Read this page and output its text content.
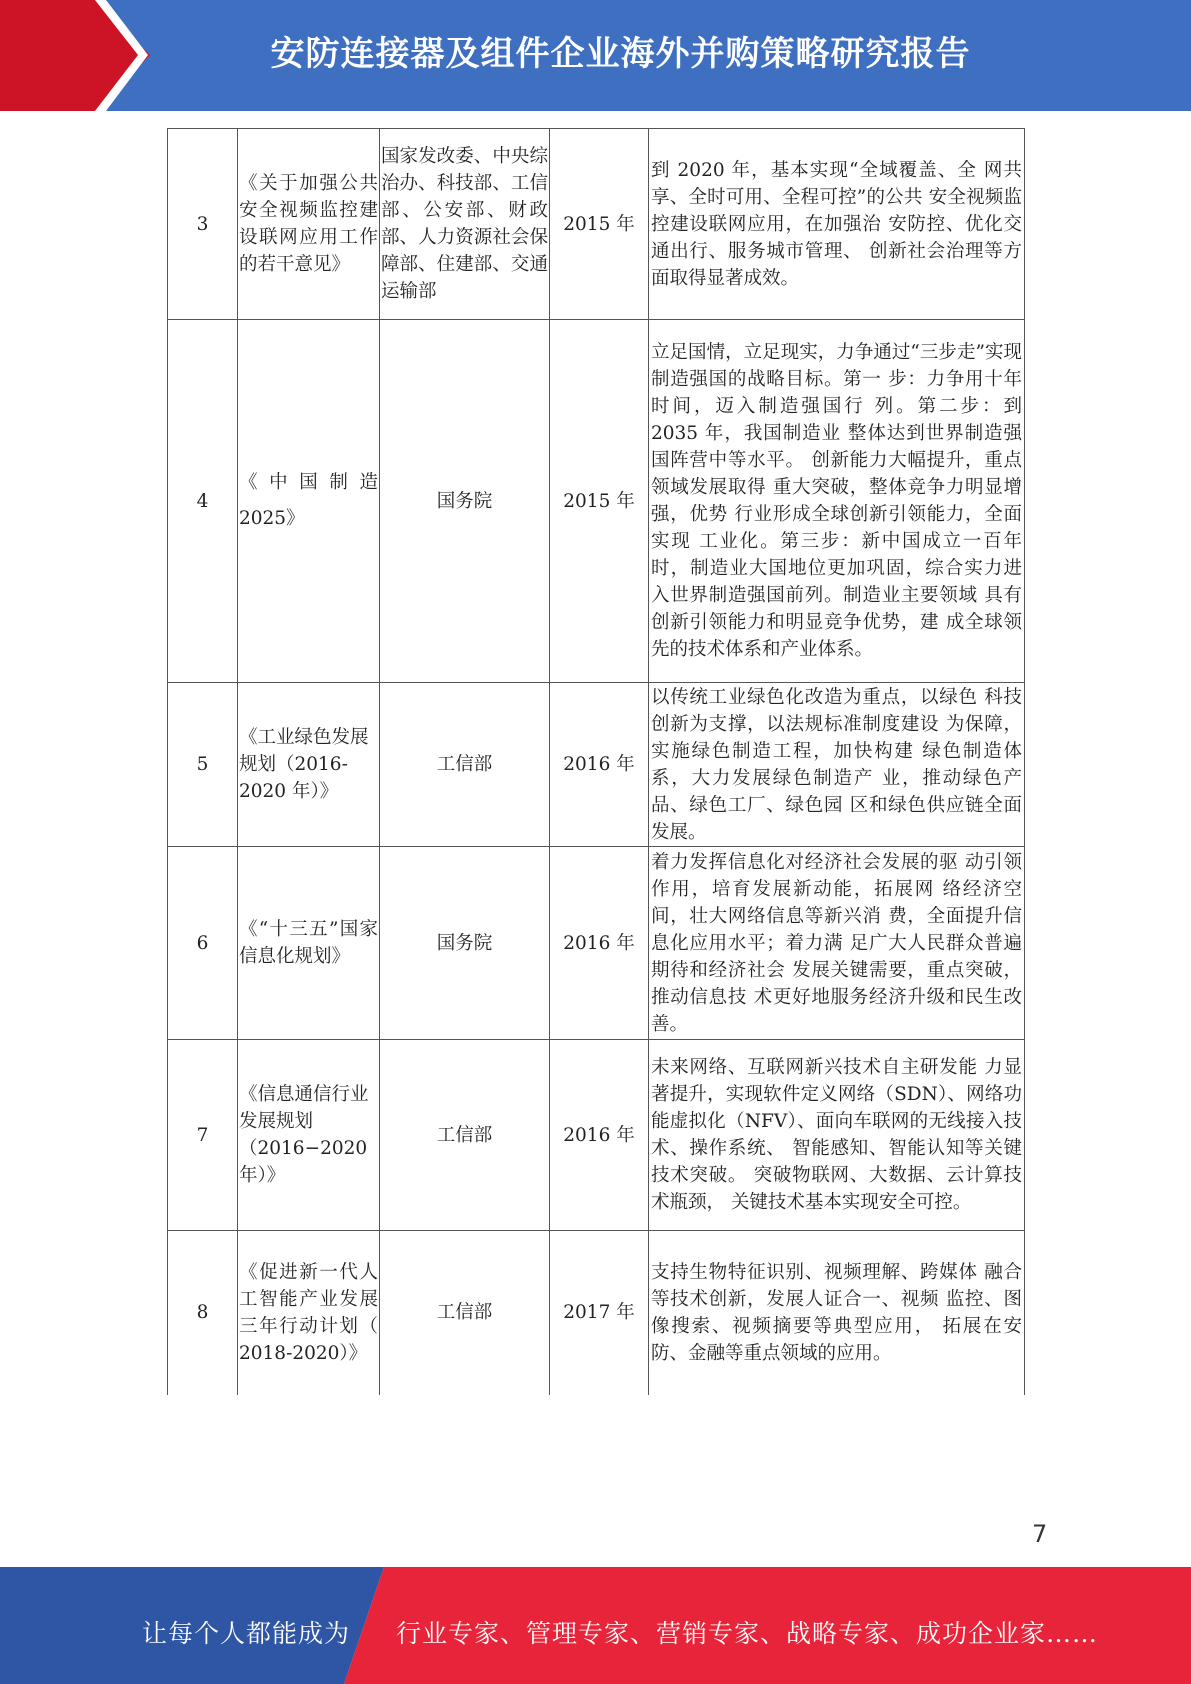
安防连接器及组件企业海外并购策略研究报告
3	《关于加强公共安全视频监控建设联网应用工作的若干意见》	国家发改委、中央综治办、科技部、工信部、公安部、财政部、人力资源社会保障部、住建部、交通运输部	2015 年	到 2020 年，基本实现“全域覆盖、全 网共享、全时可用、全程可控”的公共 安全视频监控建设联网应用，在加强治 安防控、优化交通出行、服务城市管理、 创新社会治理等方面取得显著成效。
4	《中国制造 2025》	国务院	2015 年	立足国情，立足现实，力争通过“三步走”实现制造强国的战略目标。第一 步：力争用十年时间，迈入制造强国行 列。第二步：到 2035 年，我国制造业 整体达到世界制造强国阵营中等水平。 创新能力大幅提升，重点领域发展取得 重大突破，整体竞争力明显增强，优势 行业形成全球创新引领能力，全面实现 工业化。第三步：新中国成立一百年时，制造业大国地位更加巩固，综合实力进 入世界制造强国前列。制造业主要领域 具有创新引领能力和明显竞争优势，建 成全球领先的技术体系和产业体系。
5	《工业绿色发展规划（2016-2020 年）》	工信部	2016 年	以传统工业绿色化改造为重点，以绿色 科技创新为支撑，以法规标准制度建设 为保障，实施绿色制造工程，加快构建 绿色制造体系，大力发展绿色制造产 业，推动绿色产品、绿色工厂、绿色园 区和绿色供应链全面发展。
6	《“十三五”国家信息化规划》	国务院	2016 年	着力发挥信息化对经济社会发展的驱 动引领作用，培育发展新动能，拓展网 络经济空间，壮大网络信息等新兴消 费，全面提升信息化应用水平；着力满 足广大人民群众普遍期待和经济社会 发展关键需要，重点突破，推动信息技 术更好地服务经济升级和民生改善。
7	《信息通信行业发展规划（2016−2020 年）》	工信部	2016 年	未来网络、互联网新兴技术自主研发能 力显著提升，实现软件定义网络（SDN）、网络功能虚拟化（NFV）、面向车联网的无线接入技术、操作系统、 智能感知、智能认知等关键技术突破。 突破物联网、大数据、云计算技术瓶颈， 关键技术基本实现安全可控。
8	《促进新一代人工智能产业发展三年行动计划（ 2018-2020）》	工信部	2017 年	支持生物特征识别、视频理解、跨媒体 融合等技术创新，发展人证合一、视频 监控、图像搜索、视频摘要等典型应用， 拓展在安防、金融等重点领域的应用。
7
让每个人都能成为 行业专家、管理专家、营销专家、战略专家、成功企业家……
